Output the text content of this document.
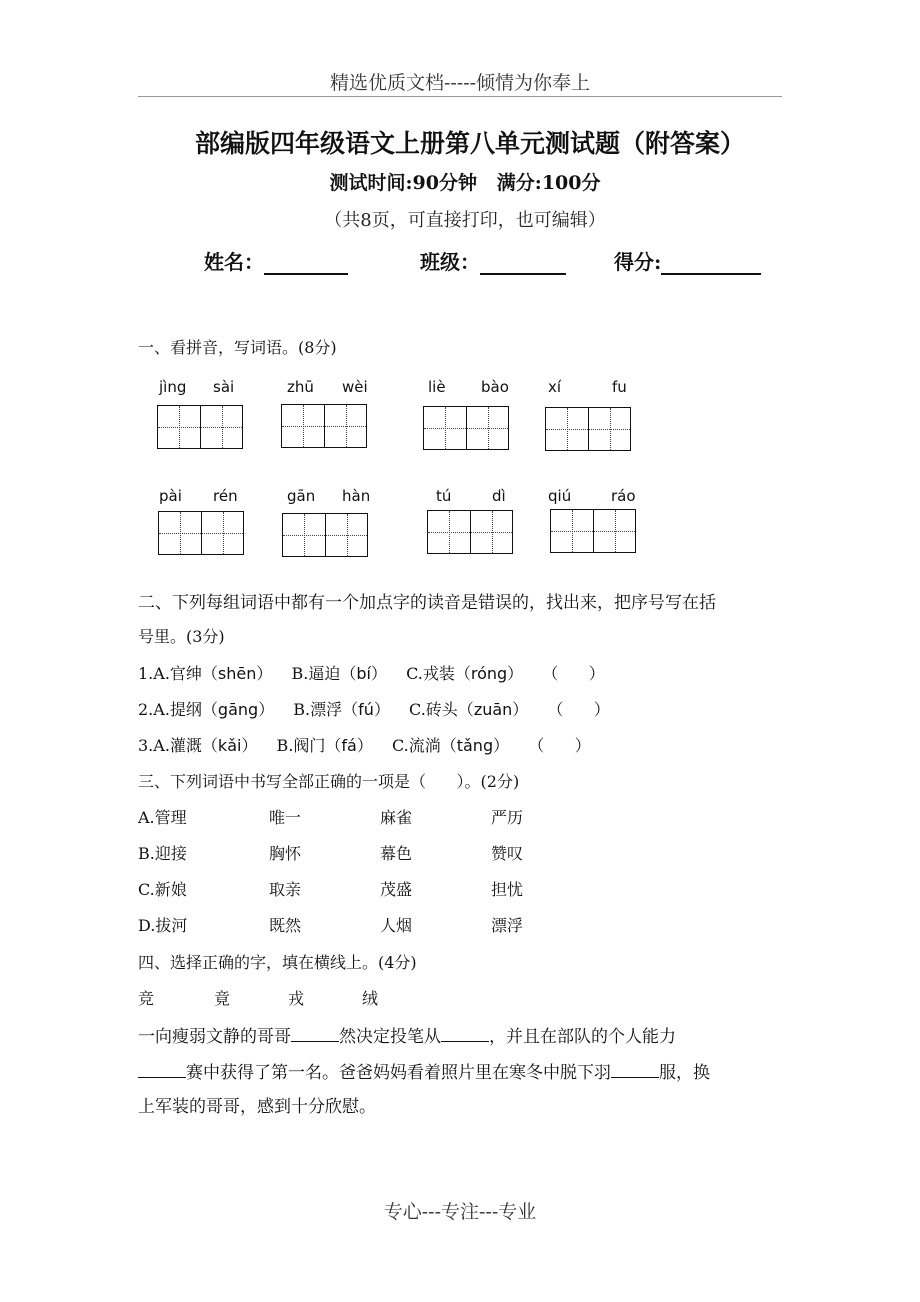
精选优质文档-----倾情为你奉上
部编版四年级语文上册第八单元测试题（附答案）
测试时间:90分钟   满分:100分
（共8页，可直接打印，也可编辑）
姓名：	班级：	得分:
一、看拼音，写词语。(8分)
jìng sài	zhū wèi	liè bào	xí	fu
pài rén	gān hàn	tú	dì	qiú	ráo
二、下列每组词语中都有一个加点字的读音是错误的，找出来，把序号写在括
号里。(3分)
1.A.官绅（shēn） B.逼迫（bí） C.戎装（róng） （      ）
2.A.提纲（gāng） B.漂浮（fú） C.砖头（zuān） （      ）
3.A.灌溉（kǎi） B.阀门（fá） C.流淌（tǎng） （      ）
三、下列词语中书写全部正确的一项是（      ）。(2分)
A.管理	唯一	麻雀	严历
B.迎接	胸怀	幕色	赞叹
C.新娘	取亲	茂盛	担忧
D.拔河	既然	人烟	漂浮
四、选择正确的字，填在横线上。(4分)
竞	竟	戎	绒
一向瘦弱文静的哥哥	然决定投笔从	，并且在部队的个人能力
赛中获得了第一名。爸爸妈妈看着照片里在寒冬中脱下羽	服，换
上军装的哥哥，感到十分欣慰。
专心---专注---专业
